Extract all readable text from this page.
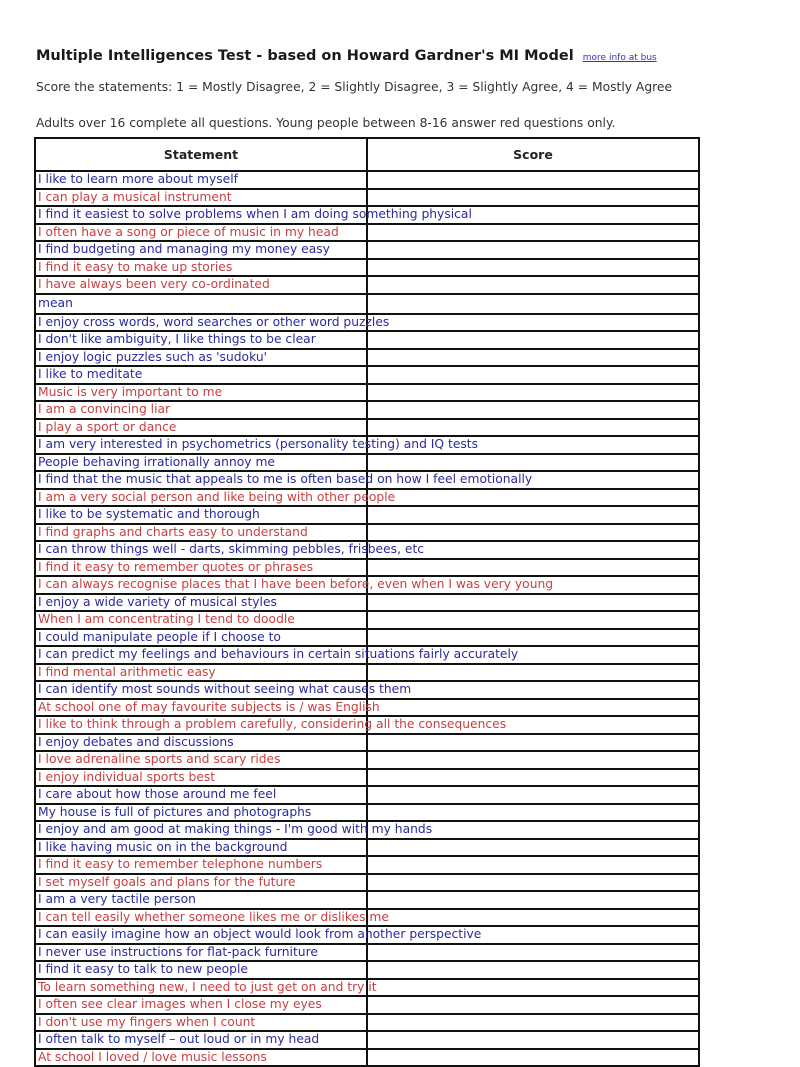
Multiple Intelligences Test - based on Howard Gardner's MI Model more info at bus
Score the statements: 1 = Mostly Disagree, 2 = Slightly Disagree, 3 = Slightly Agree, 4 = Mostly Agree
Adults over 16 complete all questions. Young people between 8-16 answer red questions only.
Statement	Score
I like to learn more about myself	
I can play a musical instrument	
I find it easiest to solve problems when I am doing something physical	
I often have a song or piece of music in my head	
I find budgeting and managing my money easy	
I find it easy to make up stories	
I have always been very co-ordinated	
mean	
I enjoy cross words, word searches or other word puzzles	
I don't like ambiguity, I like things to be clear	
I enjoy logic puzzles such as 'sudoku'	
I like to meditate	
Music is very important to me	
I am a convincing liar	
I play a sport or dance	
I am very interested in psychometrics (personality testing) and IQ tests	
People behaving irrationally annoy me	
I find that the music that appeals to me is often based on how I feel emotionally	
I am a very social person and like being with other people	
I like to be systematic and thorough	
I find graphs and charts easy to understand	
I can throw things well - darts, skimming pebbles, frisbees, etc	
I find it easy to remember quotes or phrases	
I can always recognise places that I have been before, even when I was very young	
I enjoy a wide variety of musical styles	
When I am concentrating I tend to doodle	
I could manipulate people if I choose to	
I can predict my feelings and behaviours in certain situations fairly accurately	
I find mental arithmetic easy	
I can identify most sounds without seeing what causes them	
At school one of may favourite subjects is / was English	
I like to think through a problem carefully, considering all the consequences	
I enjoy debates and discussions	
I love adrenaline sports and scary rides	
I enjoy individual sports best	
I care about how those around me feel	
My house is full of pictures and photographs	
I enjoy and am good at making things - I'm good with my hands	
I like having music on in the background	
I find it easy to remember telephone numbers	
I set myself goals and plans for the future	
I am a very tactile person	
I can tell easily whether someone likes me or dislikes me	
I can easily imagine how an object would look from another perspective	
I never use instructions for flat-pack furniture	
I find it easy to talk to new people	
To learn something new, I need to just get on and try it	
I often see clear images when I close my eyes	
I don't use my fingers when I count	
I often talk to myself – out loud or in my head	
At school I loved / love music lessons	
